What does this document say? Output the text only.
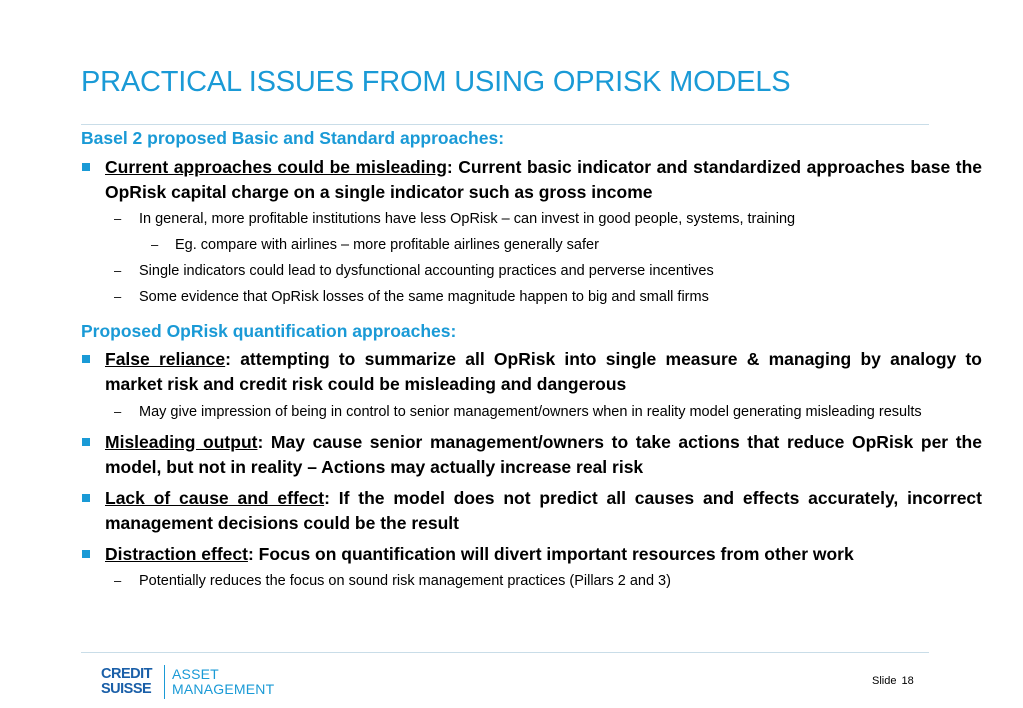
PRACTICAL ISSUES FROM USING OPRISK MODELS
Basel 2 proposed Basic and Standard approaches:
Current approaches could be misleading: Current basic indicator and standardized approaches base the OpRisk capital charge on a single indicator such as gross income
– In general, more profitable institutions have less OpRisk – can invest in good people, systems, training
– Eg. compare with airlines – more profitable airlines generally safer
– Single indicators could lead to dysfunctional accounting practices and perverse incentives
– Some evidence that OpRisk losses of the same magnitude happen to big and small firms
Proposed OpRisk quantification approaches:
False reliance: attempting to summarize all OpRisk into single measure & managing by analogy to market risk and credit risk could be misleading and dangerous
– May give impression of being in control to senior management/owners when in reality model generating misleading results
Misleading output: May cause senior management/owners to take actions that reduce OpRisk per the model, but not in reality – Actions may actually increase real risk
Lack of cause and effect: If the model does not predict all causes and effects accurately, incorrect management decisions could be the result
Distraction effect: Focus on quantification will divert important resources from other work
– Potentially reduces the focus on sound risk management practices (Pillars 2 and 3)
CREDIT
SUISSE
ASSET
MANAGEMENT	Slide 18
